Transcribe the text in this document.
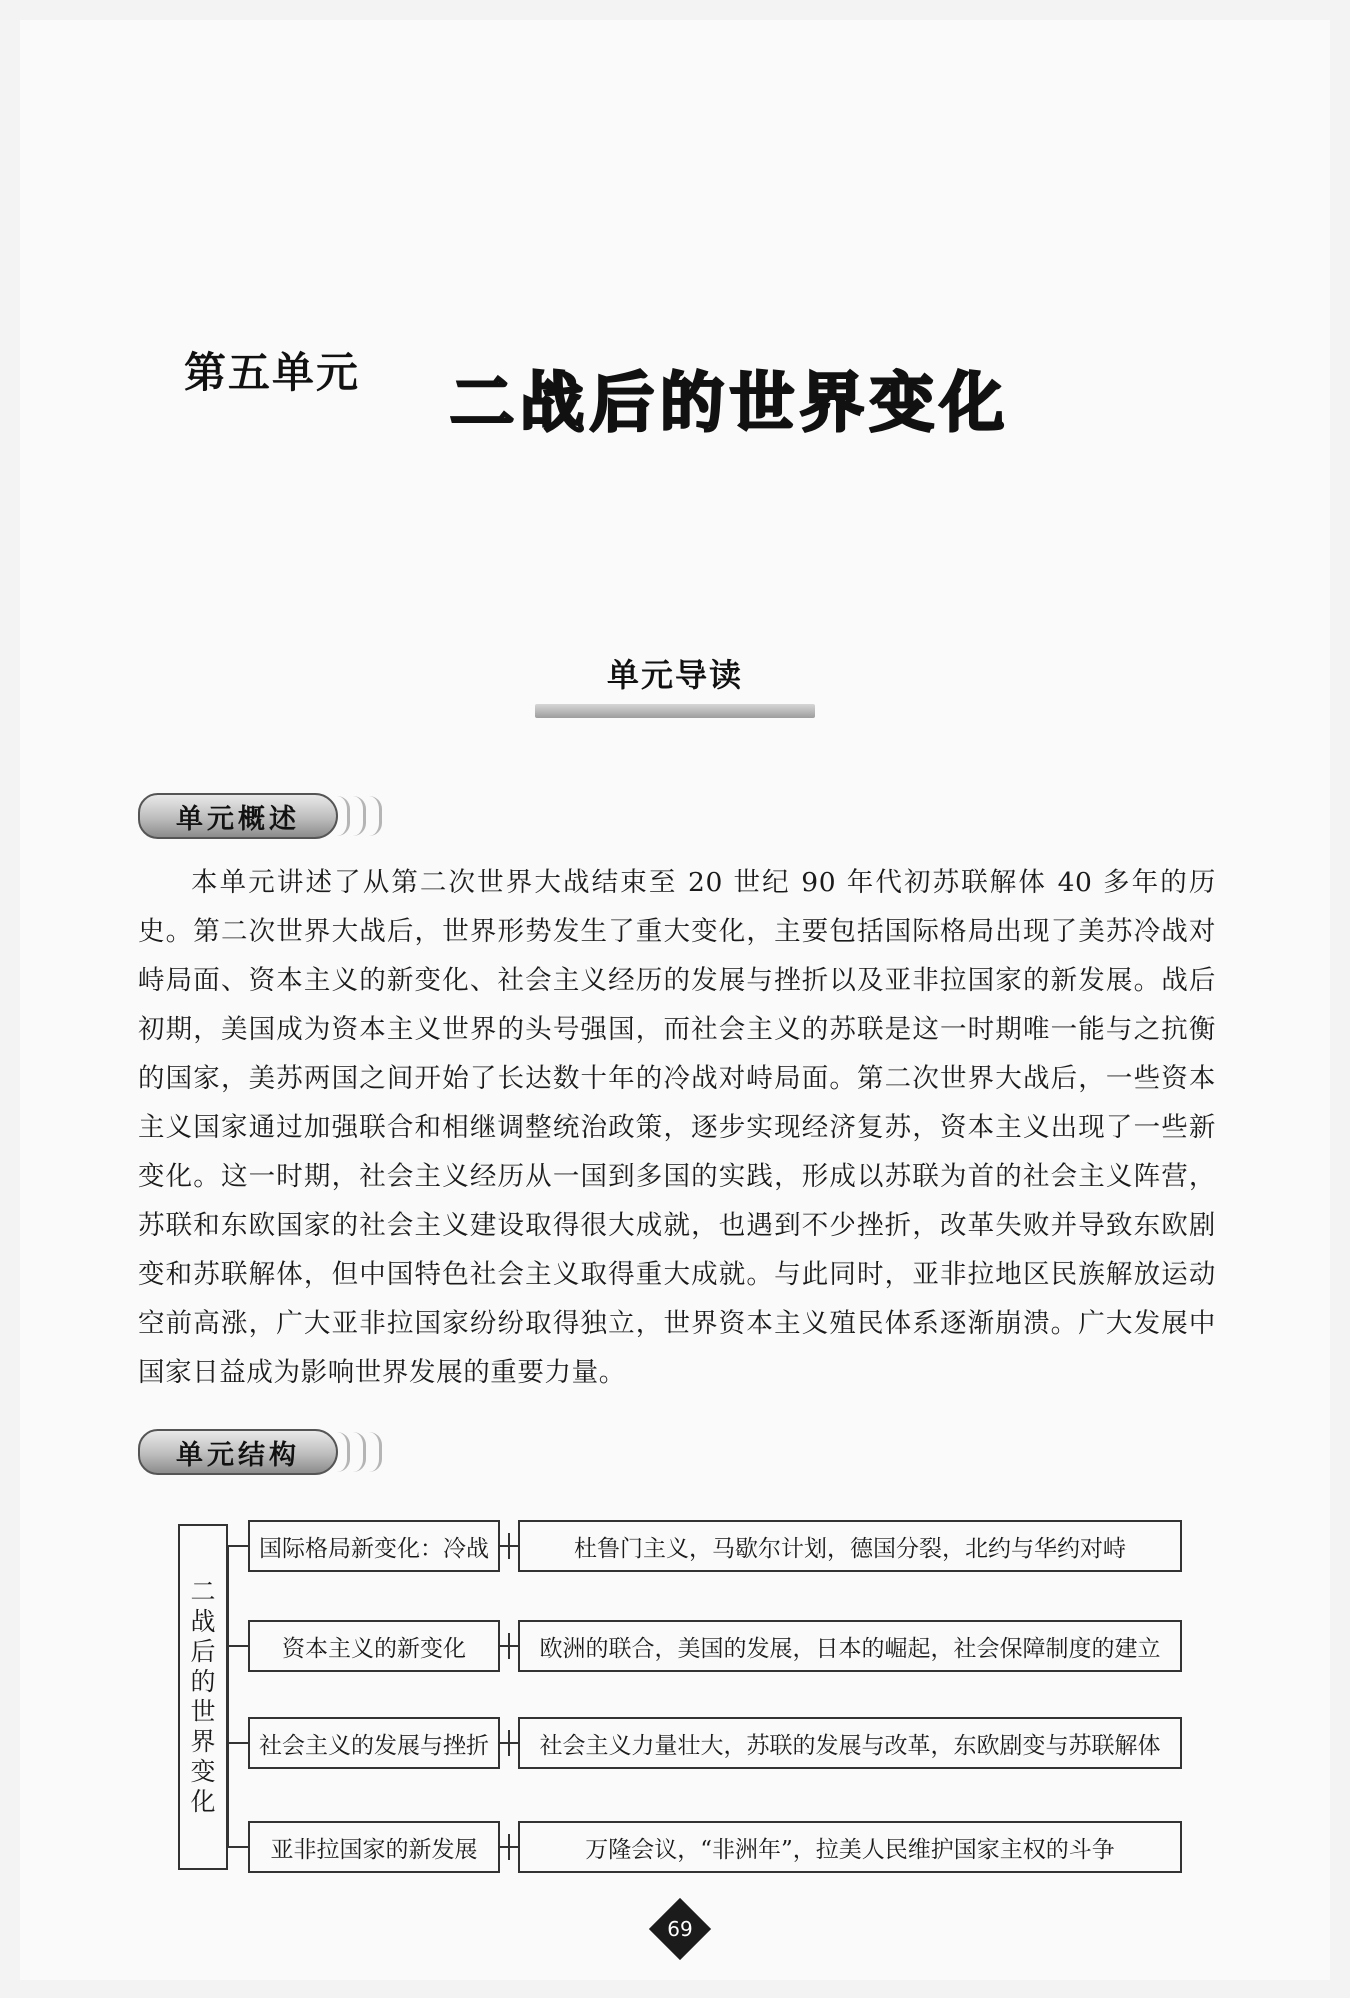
第五单元 二战后的世界变化
单元导读
单元概述
本单元讲述了从第二次世界大战结束至 20 世纪 90 年代初苏联解体 40 多年的历史。第二次世界大战后，世界形势发生了重大变化，主要包括国际格局出现了美苏冷战对峙局面、资本主义的新变化、社会主义经历的发展与挫折以及亚非拉国家的新发展。战后初期，美国成为资本主义世界的头号强国，而社会主义的苏联是这一时期唯一能与之抗衡的国家，美苏两国之间开始了长达数十年的冷战对峙局面。第二次世界大战后，一些资本主义国家通过加强联合和相继调整统治政策，逐步实现经济复苏，资本主义出现了一些新变化。这一时期，社会主义经历从一国到多国的实践，形成以苏联为首的社会主义阵营，苏联和东欧国家的社会主义建设取得很大成就，也遇到不少挫折，改革失败并导致东欧剧变和苏联解体，但中国特色社会主义取得重大成就。与此同时，亚非拉地区民族解放运动空前高涨，广大亚非拉国家纷纷取得独立，世界资本主义殖民体系逐渐崩溃。广大发展中国家日益成为影响世界发展的重要力量。
单元结构
二
战
后
的
世
界
变
化
国际格局新变化：冷战	杜鲁门主义，马歇尔计划，德国分裂，北约与华约对峙
资本主义的新变化	欧洲的联合，美国的发展，日本的崛起，社会保障制度的建立
社会主义的发展与挫折	社会主义力量壮大，苏联的发展与改革，东欧剧变与苏联解体
亚非拉国家的新发展	万隆会议，“非洲年”，拉美人民维护国家主权的斗争
69
